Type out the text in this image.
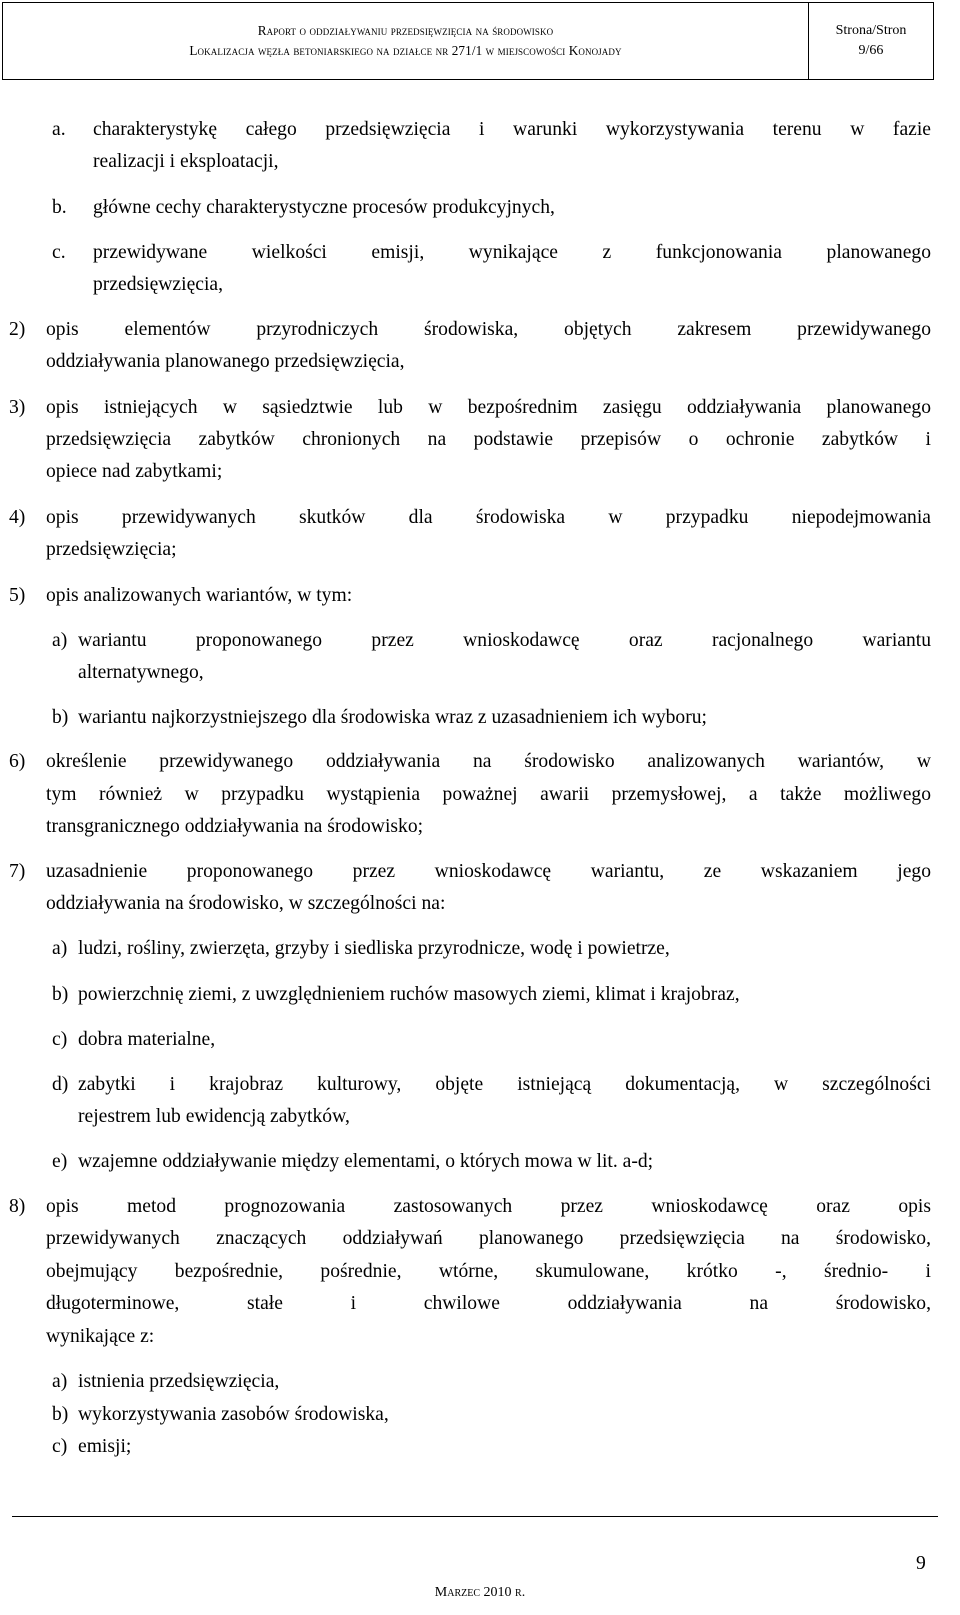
Raport o oddziaływaniu przedsięwzięcia na środowisko
Lokalizacja węzła betoniarskiego na działce nr 271/1 w miejscowości Konojady
Strona/Stron
9/66
a. charakterystykę całego przedsięwzięcia i warunki wykorzystywania terenu w fazie
realizacji i eksploatacji,
b. główne cechy charakterystyczne procesów produkcyjnych,
c. przewidywane wielkości emisji, wynikające z funkcjonowania planowanego
przedsięwzięcia,
2) opis elementów przyrodniczych środowiska, objętych zakresem przewidywanego
oddziaływania planowanego przedsięwzięcia,
3) opis istniejących w sąsiedztwie lub w bezpośrednim zasięgu oddziaływania planowanego
przedsięwzięcia zabytków chronionych na podstawie przepisów o ochronie zabytków i
opiece nad zabytkami;
4) opis przewidywanych skutków dla środowiska w przypadku niepodejmowania
przedsięwzięcia;
5) opis analizowanych wariantów, w tym:
a) wariantu proponowanego przez wnioskodawcę oraz racjonalnego wariantu
alternatywnego,
b) wariantu najkorzystniejszego dla środowiska wraz z uzasadnieniem ich wyboru;
6) określenie przewidywanego oddziaływania na środowisko analizowanych wariantów, w
tym również w przypadku wystąpienia poważnej awarii przemysłowej, a także możliwego
transgranicznego oddziaływania na środowisko;
7) uzasadnienie proponowanego przez wnioskodawcę wariantu, ze wskazaniem jego
oddziaływania na środowisko, w szczególności na:
a) ludzi, rośliny, zwierzęta, grzyby i siedliska przyrodnicze, wodę i powietrze,
b) powierzchnię ziemi, z uwzględnieniem ruchów masowych ziemi, klimat i krajobraz,
c) dobra materialne,
d) zabytki i krajobraz kulturowy, objęte istniejącą dokumentacją, w szczególności
rejestrem lub ewidencją zabytków,
e) wzajemne oddziaływanie między elementami, o których mowa w lit. a-d;
8) opis metod prognozowania zastosowanych przez wnioskodawcę oraz opis
przewidywanych znaczących oddziaływań planowanego przedsięwzięcia na środowisko,
obejmujący bezpośrednie, pośrednie, wtórne, skumulowane, krótko -, średnio- i
długoterminowe, stałe i chwilowe oddziaływania na środowisko,
wynikające z:
a) istnienia przedsięwzięcia,
b) wykorzystywania zasobów środowiska,
c) emisji;
9
Marzec 2010 r.
